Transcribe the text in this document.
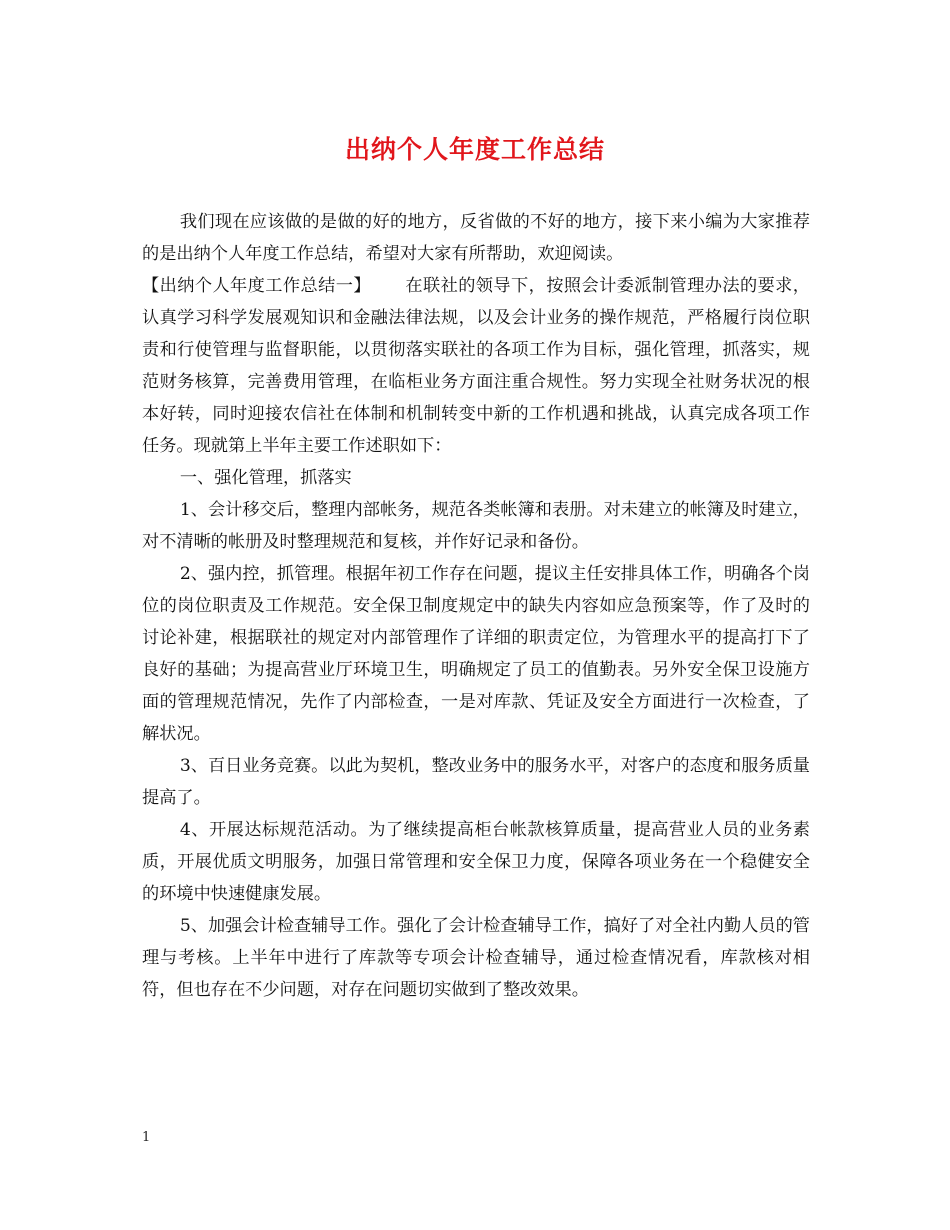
出纳个人年度工作总结

我们现在应该做的是做的好的地方，反省做的不好的地方，接下来小编为大家推荐的是出纳个人年度工作总结，希望对大家有所帮助，欢迎阅读。

【出纳个人年度工作总结一】 在联社的领导下，按照会计委派制管理办法的要求，认真学习科学发展观知识和金融法律法规，以及会计业务的操作规范，严格履行岗位职责和行使管理与监督职能，以贯彻落实联社的各项工作为目标，强化管理，抓落实，规范财务核算，完善费用管理，在临柜业务方面注重合规性。努力实现全社财务状况的根本好转，同时迎接农信社在体制和机制转变中新的工作机遇和挑战，认真完成各项工作任务。现就第上半年主要工作述职如下：

一、强化管理，抓落实

1、会计移交后，整理内部帐务，规范各类帐簿和表册。对未建立的帐簿及时建立，对不清晰的帐册及时整理规范和复核，并作好记录和备份。

2、强内控，抓管理。根据年初工作存在问题，提议主任安排具体工作，明确各个岗位的岗位职责及工作规范。安全保卫制度规定中的缺失内容如应急预案等，作了及时的讨论补建，根据联社的规定对内部管理作了详细的职责定位，为管理水平的提高打下了良好的基础；为提高营业厅环境卫生，明确规定了员工的值勤表。另外安全保卫设施方面的管理规范情况，先作了内部检查，一是对库款、凭证及安全方面进行一次检查，了解状况。

3、百日业务竞赛。以此为契机，整改业务中的服务水平，对客户的态度和服务质量提高了。

4、开展达标规范活动。为了继续提高柜台帐款核算质量，提高营业人员的业务素质，开展优质文明服务，加强日常管理和安全保卫力度，保障各项业务在一个稳健安全的环境中快速健康发展。

5、加强会计检查辅导工作。强化了会计检查辅导工作，搞好了对全社内勤人员的管理与考核。上半年中进行了库款等专项会计检查辅导，通过检查情况看，库款核对相符，但也存在不少问题，对存在问题切实做到了整改效果。

1
